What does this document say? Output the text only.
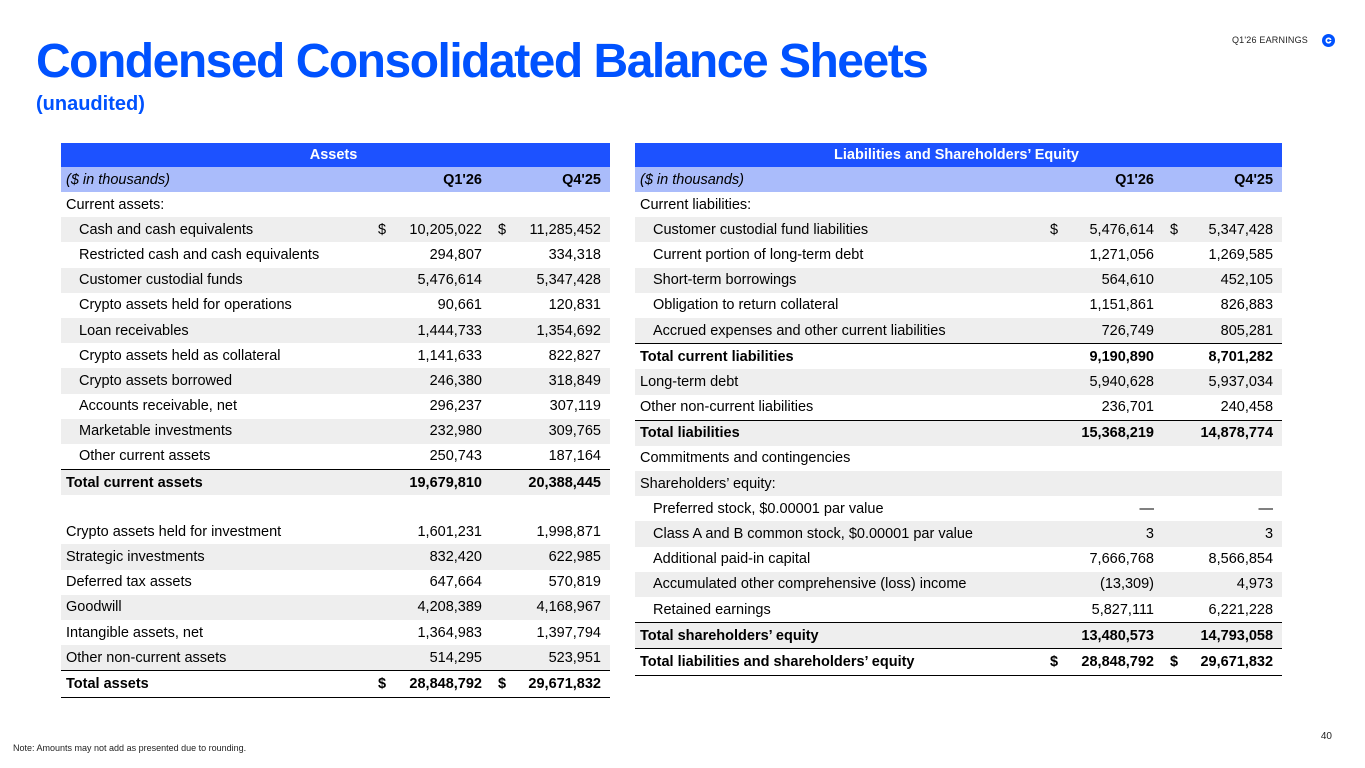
Condensed Consolidated Balance Sheets
(unaudited)
Q1'26 EARNINGS
Assets				
($ in thousands)		Q1'26		Q4'25
Current assets:				
Cash and cash equivalents	$	10,205,022	$	11,285,452
Restricted cash and cash equivalents		294,807		334,318
Customer custodial funds		5,476,614		5,347,428
Crypto assets held for operations		90,661		120,831
Loan receivables		1,444,733		1,354,692
Crypto assets held as collateral		1,141,633		822,827
Crypto assets borrowed		246,380		318,849
Accounts receivable, net		296,237		307,119
Marketable investments		232,980		309,765
Other current assets		250,743		187,164
Total current assets		19,679,810		20,388,445

Crypto assets held for investment		1,601,231		1,998,871
Strategic investments		832,420		622,985
Deferred tax assets		647,664		570,819
Goodwill		4,208,389		4,168,967
Intangible assets, net		1,364,983		1,397,794
Other non-current assets		514,295		523,951
Total assets	$	28,848,792	$	29,671,832
Liabilities and Shareholders’ Equity				
($ in thousands)		Q1'26		Q4'25
Current liabilities:				
Customer custodial fund liabilities	$	5,476,614	$	5,347,428
Current portion of long-term debt		1,271,056		1,269,585
Short-term borrowings		564,610		452,105
Obligation to return collateral		1,151,861		826,883
Accrued expenses and other current liabilities		726,749		805,281
Total current liabilities		9,190,890		8,701,282
Long-term debt		5,940,628		5,937,034
Other non-current liabilities		236,701		240,458
Total liabilities		15,368,219		14,878,774
Commitments and contingencies				
Shareholders’ equity:				
Preferred stock, $0.00001 par value		—		—
Class A and B common stock, $0.00001 par value		3		3
Additional paid-in capital		7,666,768		8,566,854
Accumulated other comprehensive (loss) income		(13,309)		4,973
Retained earnings		5,827,111		6,221,228
Total shareholders’ equity		13,480,573		14,793,058
Total liabilities and shareholders’ equity	$	28,848,792	$	29,671,832
Note: Amounts may not add as presented due to rounding.
40
